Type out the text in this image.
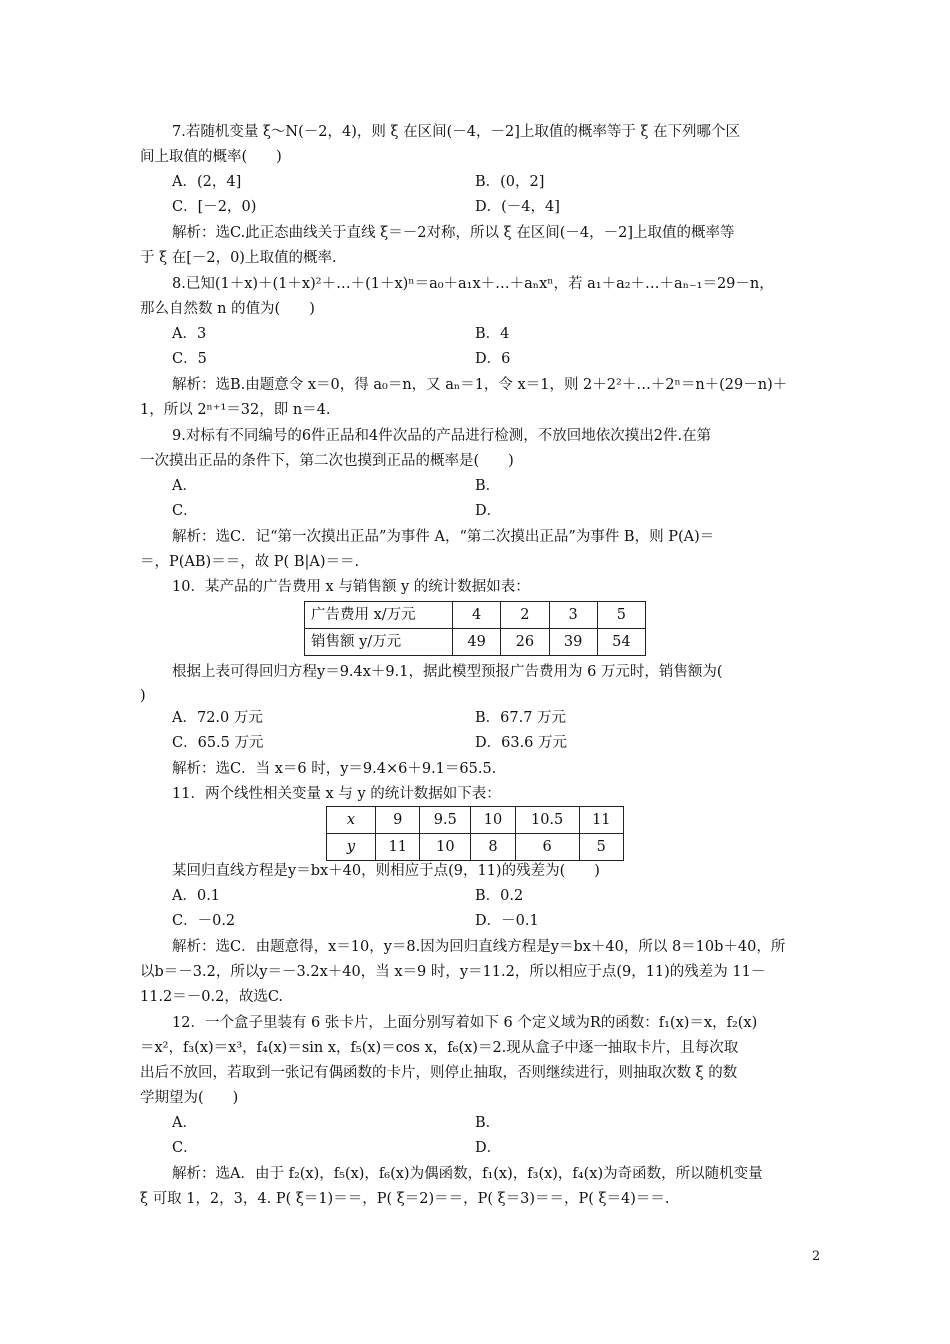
7.若随机变量 ξ～N(－2，4)，则 ξ 在区间(－4，－2]上取值的概率等于 ξ 在下列哪个区
间上取值的概率(　　)
A．(2，4]	B．(0，2]
C．[－2，0)	D．(－4，4]
解析：选C.此正态曲线关于直线 ξ＝－2对称，所以 ξ 在区间(－4，－2]上取值的概率等
于 ξ 在[－2，0)上取值的概率.
8.已知(1＋x)＋(1＋x)²＋…＋(1＋x)ⁿ＝a₀＋a₁x＋…＋aₙxⁿ，若 a₁＋a₂＋…＋aₙ₋₁＝29－n，
那么自然数 n 的值为(　　)
A．3	B．4
C．5	D．6
解析：选B.由题意令 x＝0，得 a₀＝n，又 aₙ＝1，令 x＝1，则 2＋2²＋…＋2ⁿ＝n＋(29－n)＋
1，所以 2ⁿ⁺¹＝32，即 n＝4.
9.对标有不同编号的6件正品和4件次品的产品进行检测，不放回地依次摸出2件.在第
一次摸出正品的条件下，第二次也摸到正品的概率是(　　)
A．	B．
C．	D．
解析：选C．记“第一次摸出正品”为事件 A，“第二次摸出正品”为事件 B，则 P(A)＝
＝，P(AB)＝＝，故 P( B|A)＝＝.
10．某产品的广告费用 x 与销售额 y 的统计数据如表：
广告费用 x/万元	4	2	3	5
销售额 y/万元	49	26	39	54
根据上表可得回归方程y＝9.4x＋9.1，据此模型预报广告费用为 6 万元时，销售额为(
)
A．72.0 万元	B．67.7 万元
C．65.5 万元	D．63.6 万元
解析：选C．当 x＝6 时，y＝9.4×6＋9.1＝65.5.
11．两个线性相关变量 x 与 y 的统计数据如下表：
x	9	9.5	10	10.5	11
y	11	10	8	6	5
某回归直线方程是y＝bx＋40，则相应于点(9，11)的残差为(　　)
A．0.1	B．0.2
C．－0.2	D．－0.1
解析：选C．由题意得，x＝10，y＝8.因为回归直线方程是y＝bx＋40，所以 8＝10b＋40，所
以b＝－3.2，所以y＝－3.2x＋40，当 x＝9 时，y＝11.2，所以相应于点(9，11)的残差为 11－
11.2＝－0.2，故选C.
12．一个盒子里装有 6 张卡片，上面分别写着如下 6 个定义域为R的函数：f₁(x)＝x，f₂(x)
＝x²，f₃(x)＝x³，f₄(x)＝sin x，f₅(x)＝cos x，f₆(x)＝2.现从盒子中逐一抽取卡片，且每次取
出后不放回，若取到一张记有偶函数的卡片，则停止抽取，否则继续进行，则抽取次数 ξ 的数
学期望为(　　)
A．	B．
C．	D．
解析：选A．由于 f₂(x)，f₅(x)，f₆(x)为偶函数，f₁(x)，f₃(x)，f₄(x)为奇函数，所以随机变量
ξ 可取 1，2，3，4. P( ξ＝1)＝＝，P( ξ＝2)＝＝，P( ξ＝3)＝＝，P( ξ＝4)＝＝.
2
